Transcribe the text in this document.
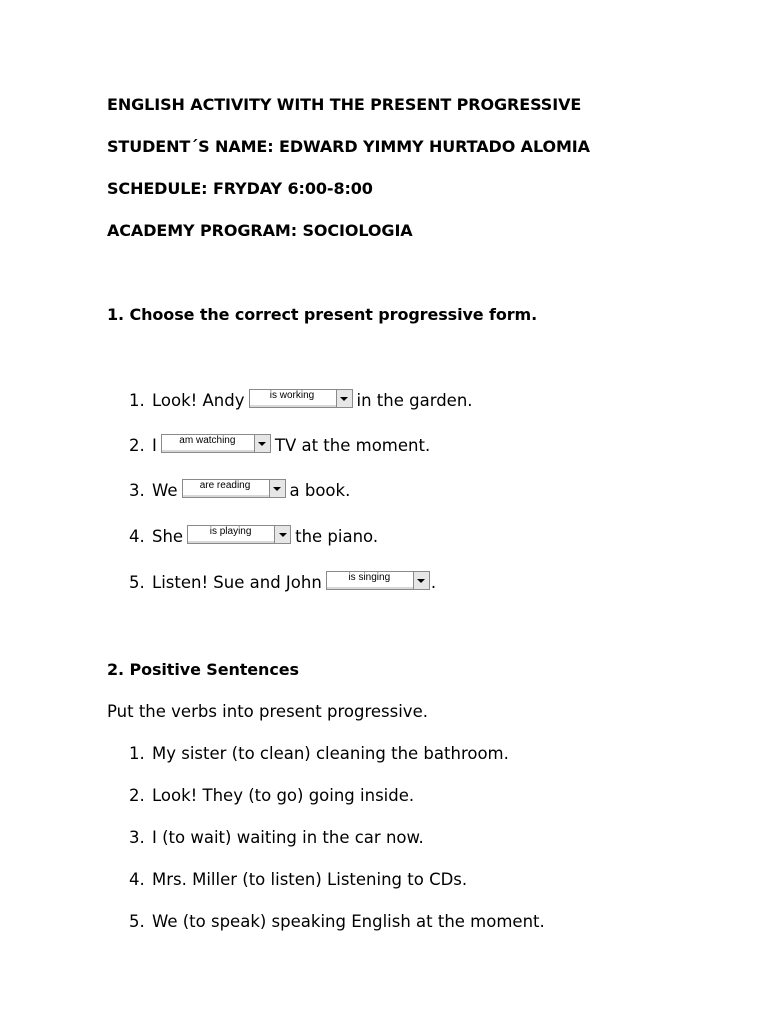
ENGLISH ACTIVITY WITH THE PRESENT PROGRESSIVE
STUDENT´S NAME: EDWARD YIMMY HURTADO ALOMIA
SCHEDULE: FRYDAY 6:00-8:00
ACADEMY PROGRAM: SOCIOLOGIA
1. Choose the correct present progressive form.
1. Look! Andy	is working	in the garden.
2. I	am watching	TV at the moment.
3. We	are reading	a book.
4. She	is playing	the piano.
5. Listen! Sue and John	is singing	.
2. Positive Sentences
Put the verbs into present progressive.
1. My sister (to clean) cleaning the bathroom.
2. Look! They (to go) going inside.
3. I (to wait) waiting in the car now.
4. Mrs. Miller (to listen) Listening to CDs.
5. We (to speak) speaking English at the moment.
